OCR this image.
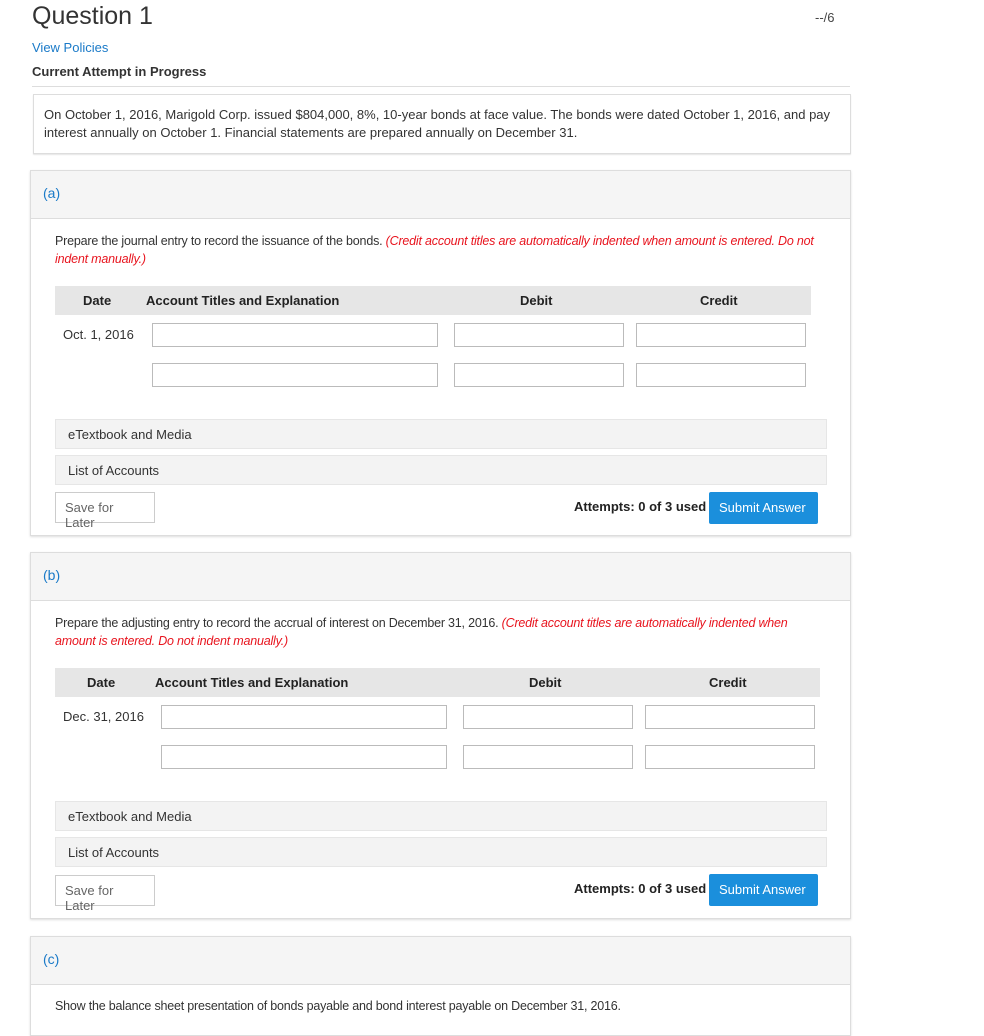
Question 1	--/6
View Policies
Current Attempt in Progress
On October 1, 2016, Marigold Corp. issued $804,000, 8%, 10-year bonds at face value. The bonds were dated October 1, 2016, and pay interest annually on October 1. Financial statements are prepared annually on December 31.
(a)
Prepare the journal entry to record the issuance of the bonds. (Credit account titles are automatically indented when amount is entered. Do not indent manually.)
Date	Account Titles and Explanation	Debit	Credit
Oct. 1, 2016
eTextbook and Media
List of Accounts
Save for Later
Attempts: 0 of 3 used Submit Answer
(b)
Prepare the adjusting entry to record the accrual of interest on December 31, 2016. (Credit account titles are automatically indented when amount is entered. Do not indent manually.)
Date	Account Titles and Explanation	Debit	Credit
Dec. 31, 2016
eTextbook and Media
List of Accounts
Save for Later
Attempts: 0 of 3 used Submit Answer
(c)
Show the balance sheet presentation of bonds payable and bond interest payable on December 31, 2016.
